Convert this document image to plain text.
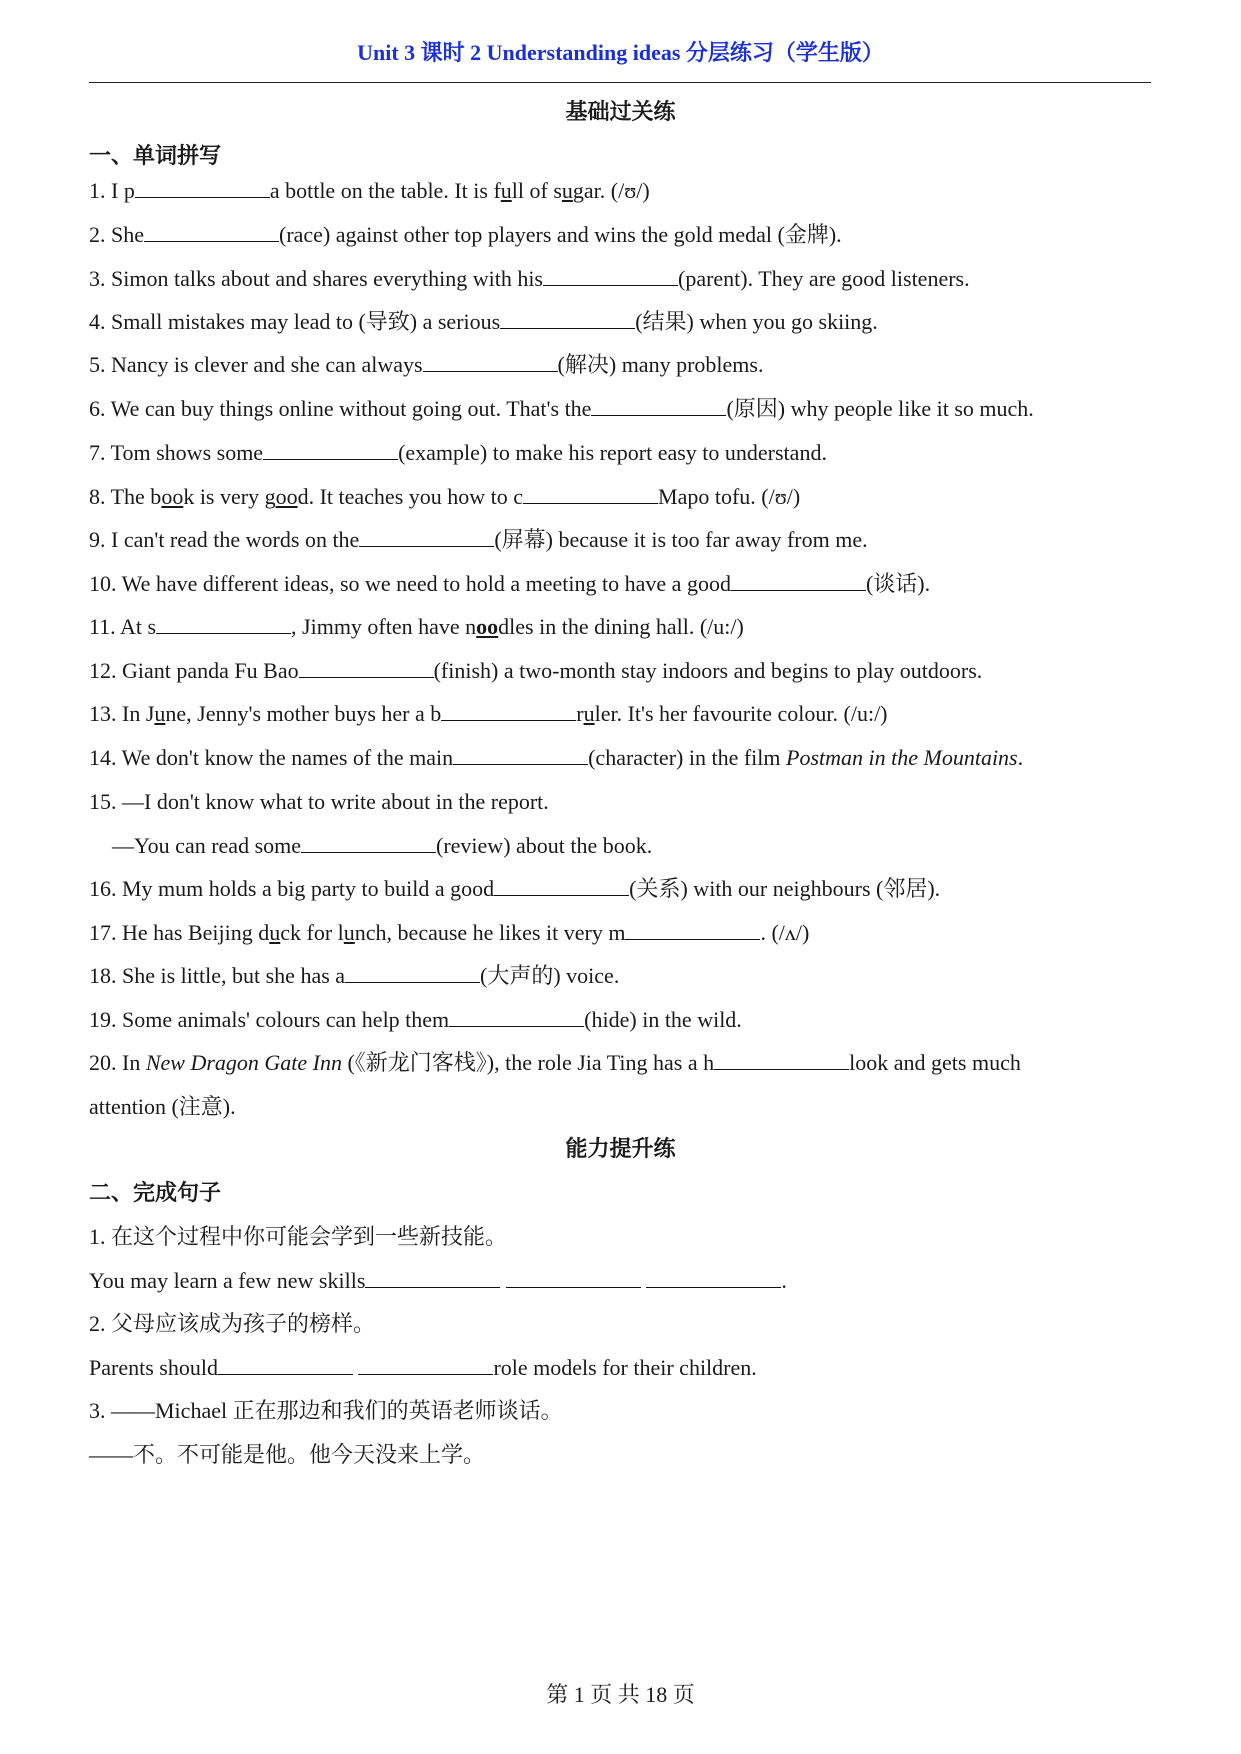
Unit 3 课时 2 Understanding ideas 分层练习（学生版）
基础过关练
一、单词拼写
1. I p	a bottle on the table. It is full of sugar. (/ʊ/)
2. She	(race) against other top players and wins the gold medal (金牌).
3. Simon talks about and shares everything with his	(parent). They are good listeners.
4. Small mistakes may lead to (导致) a serious	(结果) when you go skiing.
5. Nancy is clever and she can always	(解决) many problems.
6. We can buy things online without going out. That's the	(原因) why people like it so much.
7. Tom shows some	(example) to make his report easy to understand.
8. The book is very good. It teaches you how to c	Mapo tofu. (/ʊ/)
9. I can't read the words on the	(屏幕) because it is too far away from me.
10. We have different ideas, so we need to hold a meeting to have a good	(谈话).
11. At s	, Jimmy often have noodles in the dining hall. (/u:/)
12. Giant panda Fu Bao	(finish) a two-month stay indoors and begins to play outdoors.
13. In June, Jenny's mother buys her a b	ruler. It's her favourite colour. (/u:/)
14. We don't know the names of the main	(character) in the film Postman in the Mountains.
15. —I don't know what to write about in the report.
—You can read some	(review) about the book.
16. My mum holds a big party to build a good	(关系) with our neighbours (邻居).
17. He has Beijing duck for lunch, because he likes it very m	. (/ʌ/)
18. She is little, but she has a	(大声的) voice.
19. Some animals' colours can help them	(hide) in the wild.
20. In New Dragon Gate Inn (《新龙门客栈》), the role Jia Ting has a h	look and gets much
attention (注意).
能力提升练
二、完成句子
1. 在这个过程中你可能会学到一些新技能。
You may learn a few new skills	.
2. 父母应该成为孩子的榜样。
Parents should	role models for their children.
3. ——Michael 正在那边和我们的英语老师谈话。
——不。不可能是他。他今天没来上学。
第 1 页 共 18 页
